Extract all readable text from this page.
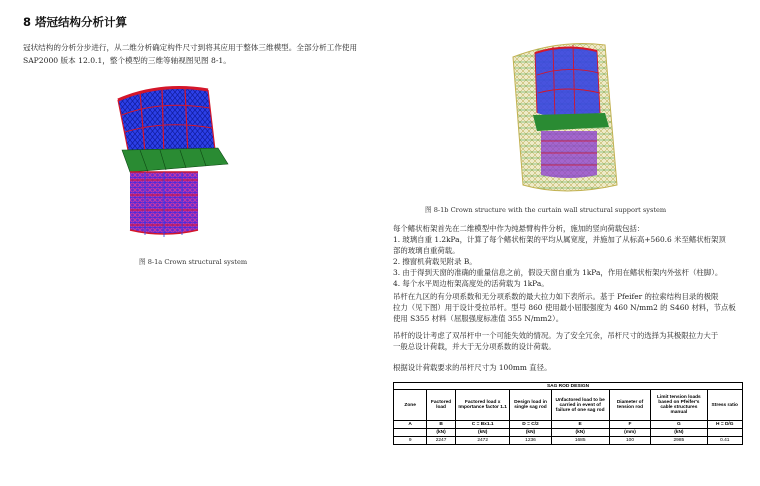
8 塔冠结构分析计算
冠状结构的分析分步进行，从二维分析确定构件尺寸到将其应用于整体三维模型。全部分析工作使用
SAP2000 版本 12.0.1，整个模型的三维等轴视图见图 8-1。
图 8-1a Crown structural system
图 8-1b Crown structure with the curtain wall structural support system

每个鳍状桁架首先在二维模型中作为纯悬臂构件分析，施加的竖向荷载包括：

1. 玻璃自重 1.2kPa，计算了每个鳍状桁架的平均从属宽度，并施加了从标高+560.6 米至鳍状桁架顶

部的玻璃自重荷载。

2. 擦窗机荷载见附录 B。

3. 由于得到天窗的准确的重量信息之前，假设天窗自重为 1kPa，作用在鳍状桁架内外弦杆（柱脚）。

4. 每个水平周边桁架高度处的活荷载为 1kPa。

吊杆在九区的有分项系数和无分项系数的最大拉力如下表所示。基于 Pfeifer 的拉索结构目录的极限

拉力（见下图）用于设计受拉吊杆。型号 860 使用最小屈服强度为 460 N/mm2 的 S460 材料，节点板

使用 S355 材料（屈服强度标准值 355 N/mm2）。

吊杆的设计考虑了双吊杆中一个可能失效的情况。为了安全冗余，吊杆尺寸的选择为其极限拉力大于

一般总设计荷载，并大于无分项系数的设计荷载。

根据设计荷载要求的吊杆尺寸为 100mm 直径。

SAG ROD DESIGN							
Zone	Factored load	Factored load x Importance factor 1.1	Design load in single sag rod	Unfactored load to be carried in event of failure of one sag rod	Diameter of tension rod	Limit tension loads based on Pfeifer's cable structures manual	Stress ratio
A	B	C = Bx1.1	D = C/2	E	F	G	H = D/G
	(kN)	(kN)	(kN)	(kN)	(mm)	(kN)	
9	2247	2472	1236	1685	100	2985	0.41
